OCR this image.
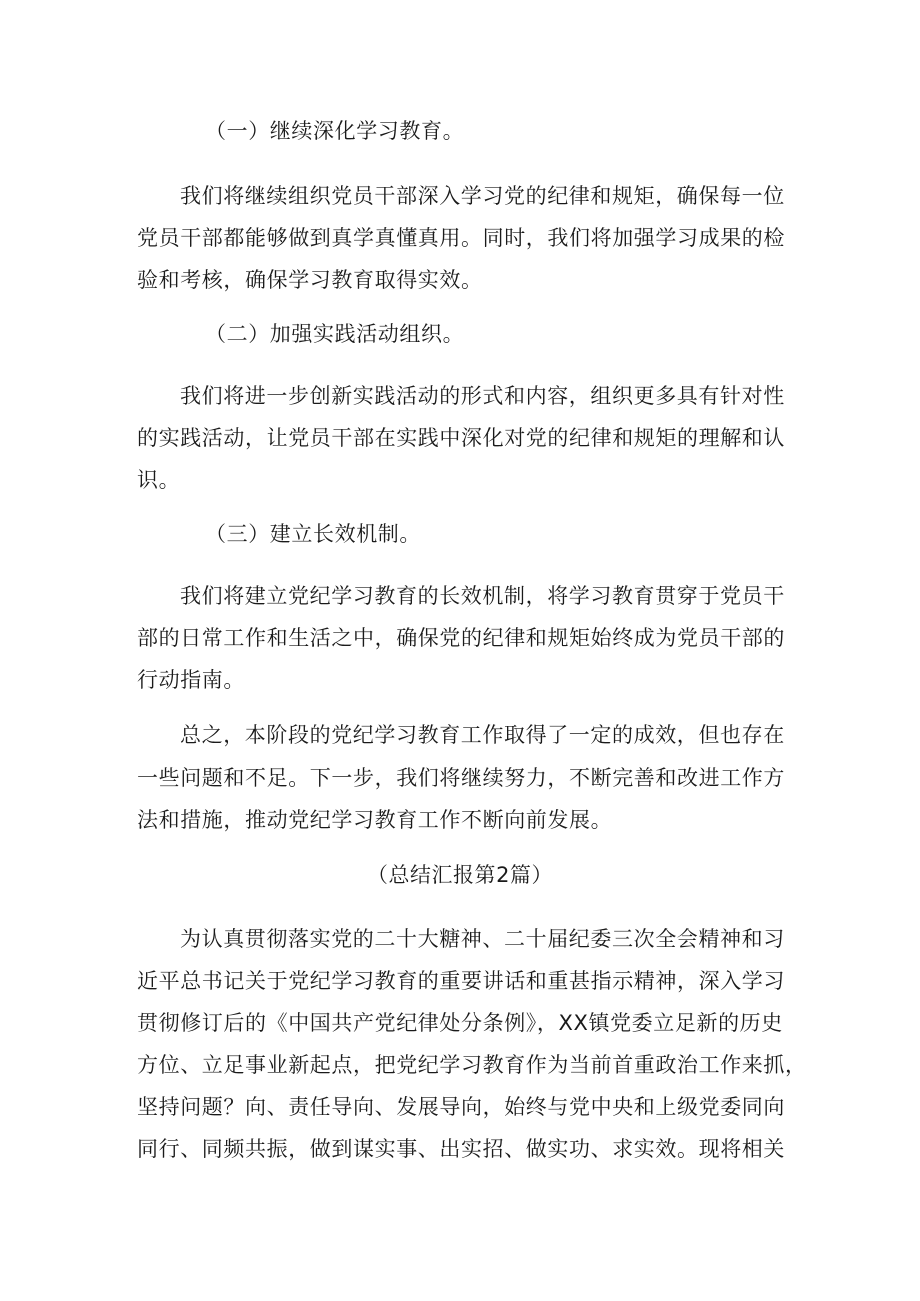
（一）继续深化学习教育。
我们将继续组织党员干部深入学习党的纪律和规矩，确保每一位
党员干部都能够做到真学真懂真用。同时，我们将加强学习成果的检
验和考核，确保学习教育取得实效。
（二）加强实践活动组织。
我们将进一步创新实践活动的形式和内容，组织更多具有针对性
的实践活动，让党员干部在实践中深化对党的纪律和规矩的理解和认
识。
（三）建立长效机制。
我们将建立党纪学习教育的长效机制，将学习教育贯穿于党员干
部的日常工作和生活之中，确保党的纪律和规矩始终成为党员干部的
行动指南。
总之，本阶段的党纪学习教育工作取得了一定的成效，但也存在
一些问题和不足。下一步，我们将继续努力，不断完善和改进工作方
法和措施，推动党纪学习教育工作不断向前发展。
（总结汇报第2篇）
为认真贯彻落实党的二十大糖神、二十届纪委三次全会精神和习
近平总书记关于党纪学习教育的重要讲话和重甚指示精神，深入学习
贯彻修订后的《中国共产党纪律处分条例》，XX镇党委立足新的历史
方位、立足事业新起点，把党纪学习教育作为当前首重政治工作来抓，
坚持问题？向、责任导向、发展导向，始终与党中央和上级党委同向
同行、同频共振，做到谋实事、出实招、做实功、求实效。现将相关
